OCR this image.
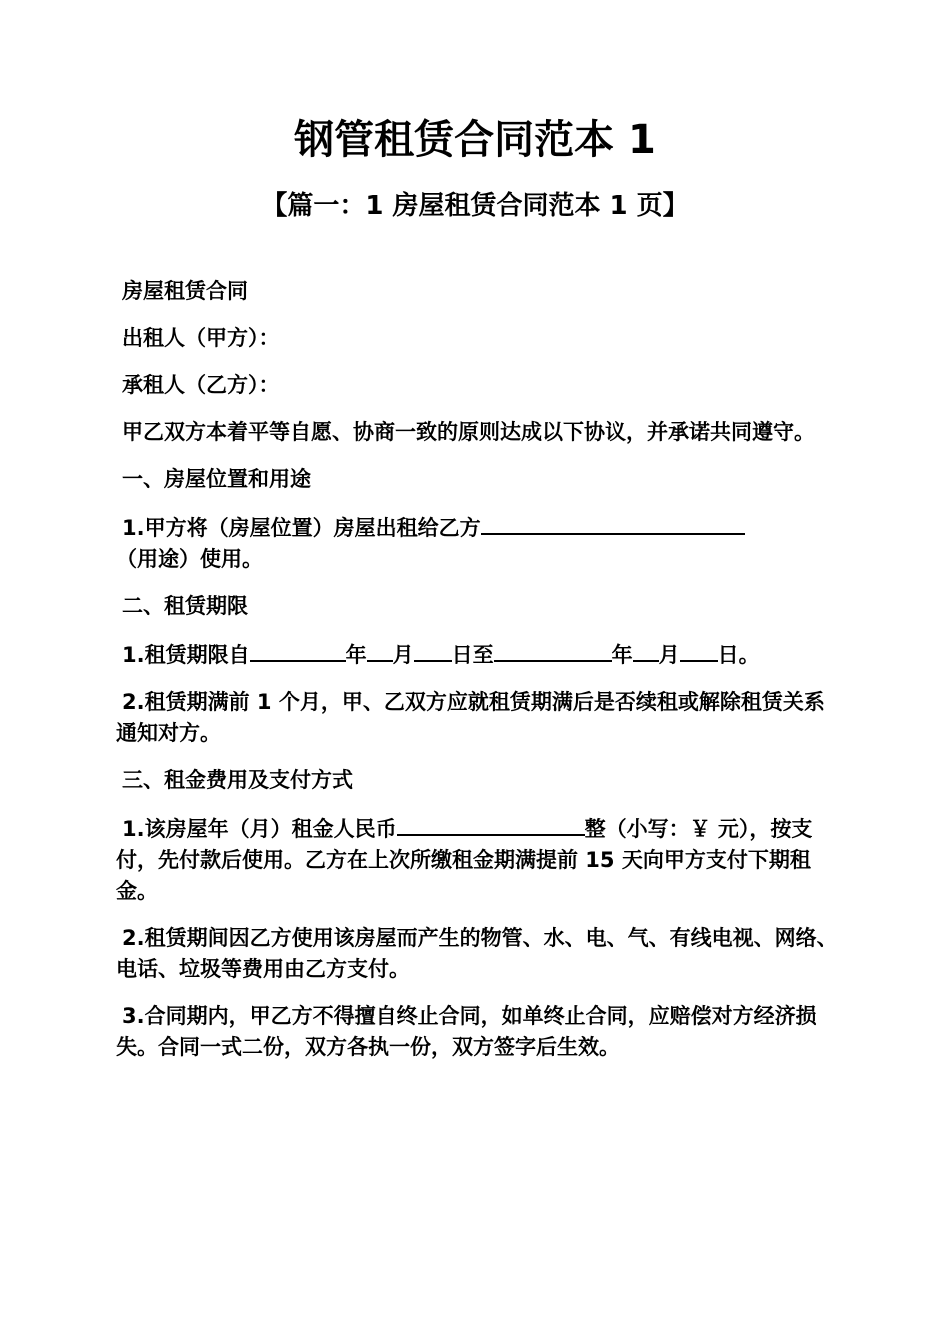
钢管租赁合同范本 1
【篇一：1 房屋租赁合同范本 1 页】

房屋租赁合同

出租人（甲方）：

承租人（乙方）：

甲乙双方本着平等自愿、协商一致的原则达成以下协议，并承诺共同遵守。

一、房屋位置和用途

1.甲方将（房屋位置）房屋出租给乙方
（用途）使用。

二、租赁期限

1.租赁期限自	年 月 日至	年 月 日。

2.租赁期满前 1 个月，甲、乙双方应就租赁期满后是否续租或解除租赁关系通知对方。

三、租金费用及支付方式

1.该房屋年（月）租金人民币	整（小写：￥ 元），按支付，先付款后使用。乙方在上次所缴租金期满提前 15 天向甲方支付下期租金。

2.租赁期间因乙方使用该房屋而产生的物管、水、电、气、有线电视、网络、电话、垃圾等费用由乙方支付。

3.合同期内，甲乙方不得擅自终止合同，如单终止合同，应赔偿对方经济损失。合同一式二份，双方各执一份，双方签字后生效。
